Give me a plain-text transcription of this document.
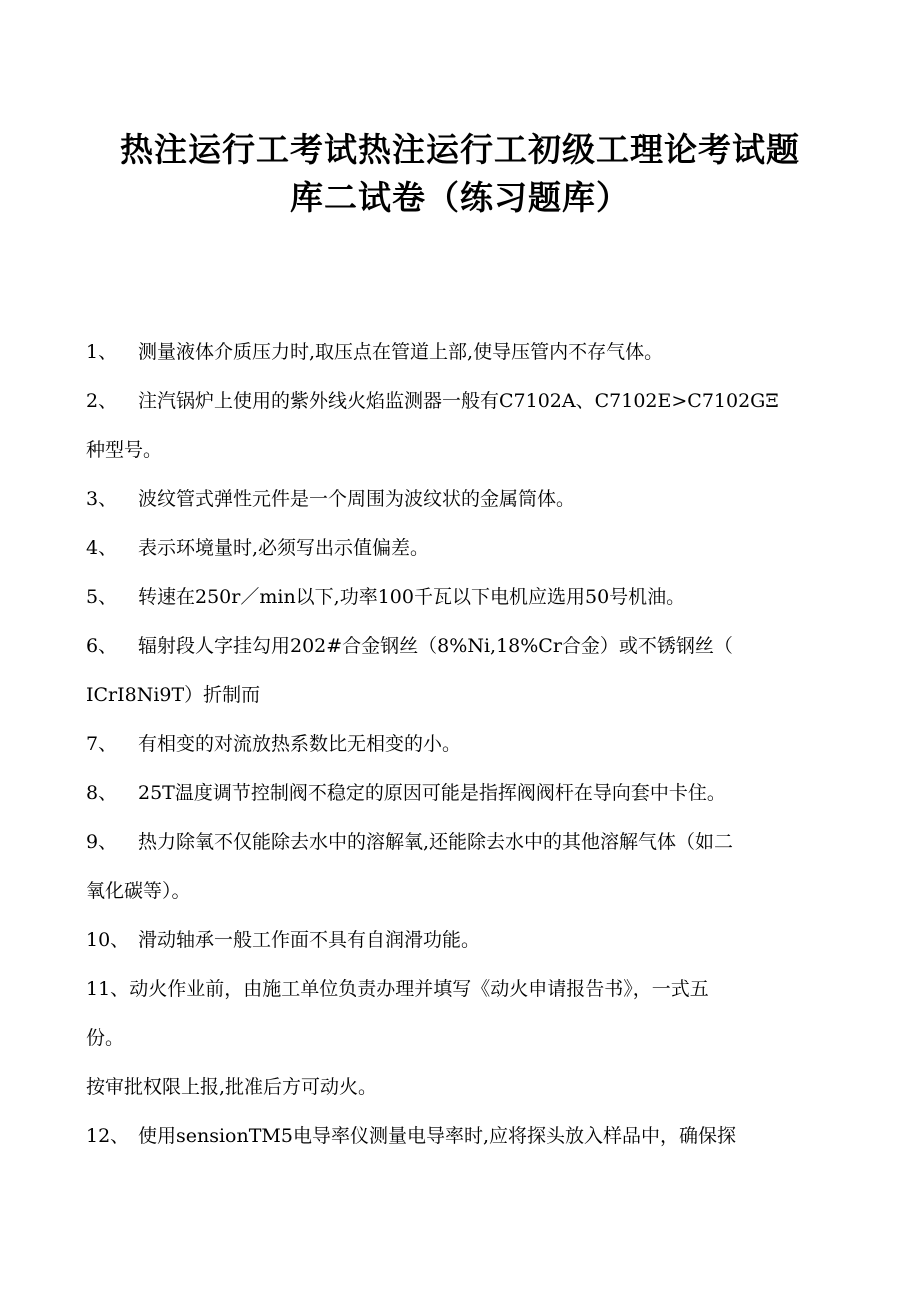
热注运行工考试热注运行工初级工理论考试题
库二试卷（练习题库）
1、 测量液体介质压力时,取压点在管道上部,使导压管内不存气体。
2、 注汽锅炉上使用的紫外线火焰监测器一般有C7102A、C7102E>C7102GΞ
种型号。
3、 波纹管式弹性元件是一个周围为波纹状的金属筒体。
4、 表示环境量时,必须写出示值偏差。
5、 转速在250r／min以下,功率100千瓦以下电机应选用50号机油。
6、 辐射段人字挂勾用202#合金钢丝（8%Ni,18%Cr合金）或不锈钢丝（
ICrI8Ni9T）折制而
7、 有相变的对流放热系数比无相变的小。
8、 25T温度调节控制阀不稳定的原因可能是指挥阀阀杆在导向套中卡住。
9、 热力除氧不仅能除去水中的溶解氧,还能除去水中的其他溶解气体（如二
氧化碳等）。
10、 滑动轴承一般工作面不具有自润滑功能。
11、动火作业前，由施工单位负责办理并填写《动火申请报告书》，一式五
份。
按审批权限上报,批准后方可动火。
12、 使用sensionTM5电导率仪测量电导率时,应将探头放入样品中，确保探
